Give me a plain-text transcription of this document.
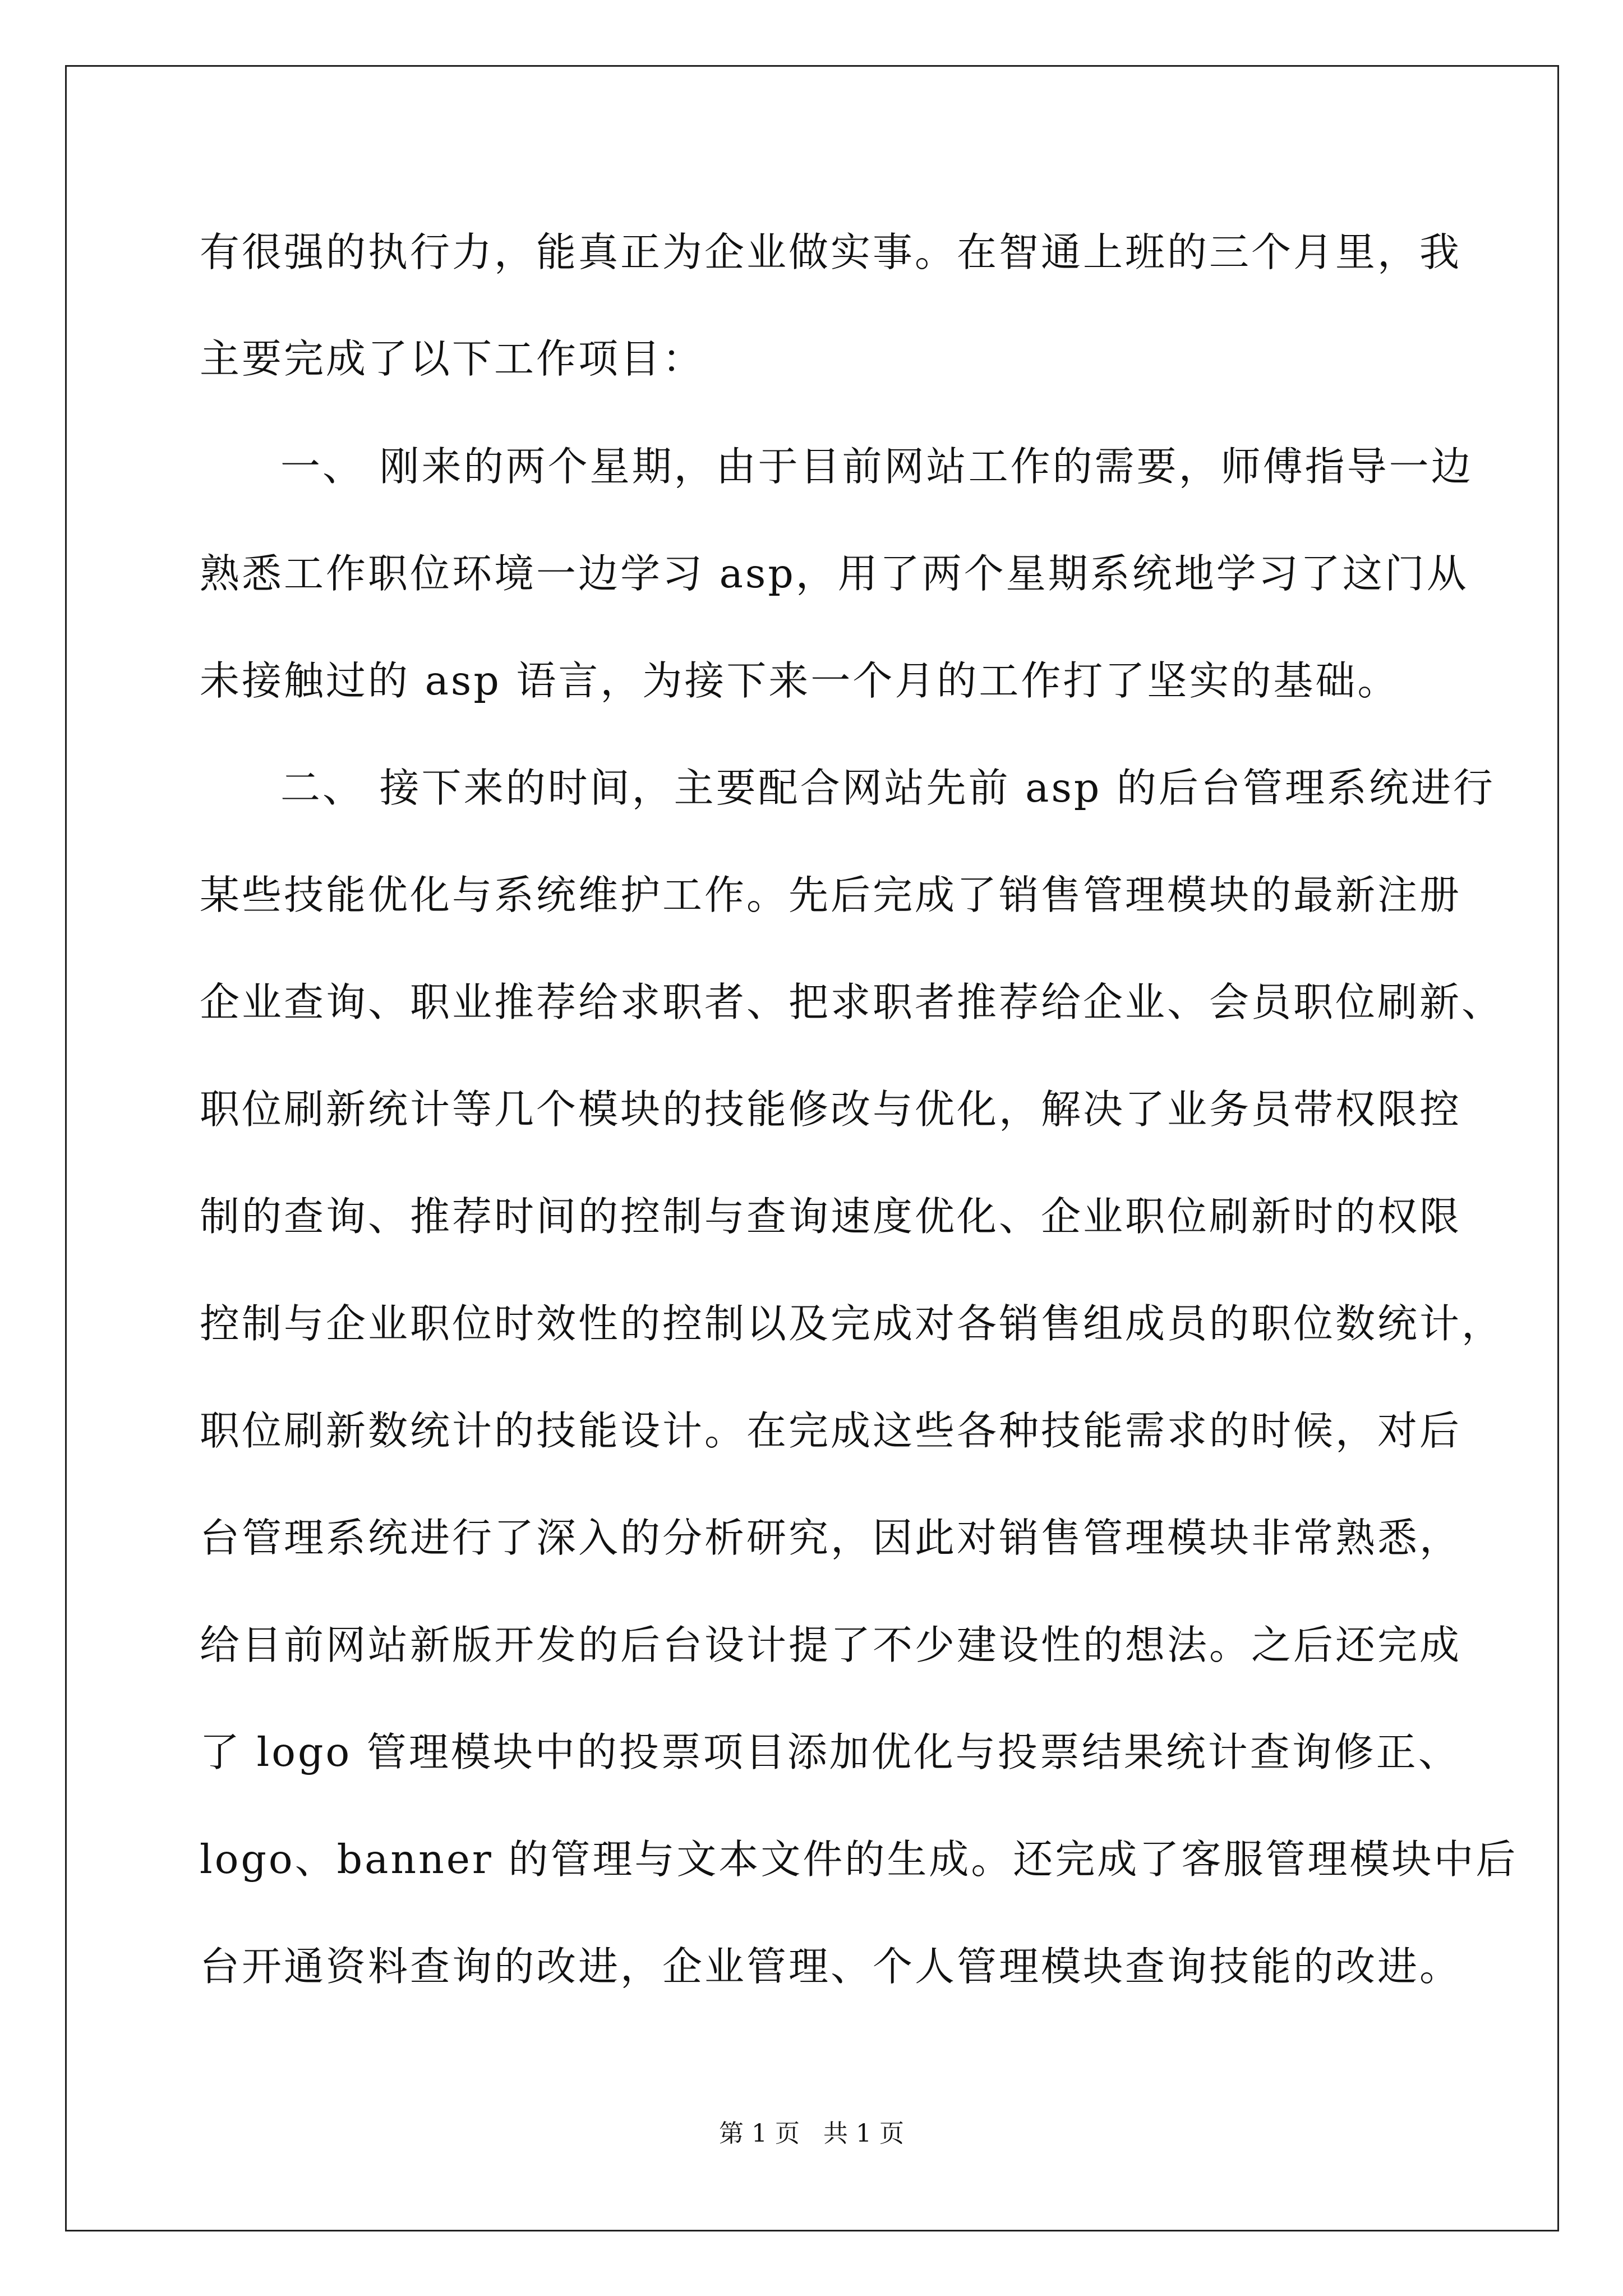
有很强的执行力，能真正为企业做实事。在智通上班的三个月里，我
主要完成了以下工作项目：
一、 刚来的两个星期，由于目前网站工作的需要，师傅指导一边
熟悉工作职位环境一边学习 asp，用了两个星期系统地学习了这门从
未接触过的 asp 语言，为接下来一个月的工作打了坚实的基础。
二、 接下来的时间，主要配合网站先前 asp 的后台管理系统进行
某些技能优化与系统维护工作。先后完成了销售管理模块的最新注册
企业查询、职业推荐给求职者、把求职者推荐给企业、会员职位刷新、
职位刷新统计等几个模块的技能修改与优化，解决了业务员带权限控
制的查询、推荐时间的控制与查询速度优化、企业职位刷新时的权限
控制与企业职位时效性的控制以及完成对各销售组成员的职位数统计，
职位刷新数统计的技能设计。在完成这些各种技能需求的时候，对后
台管理系统进行了深入的分析研究，因此对销售管理模块非常熟悉，
给目前网站新版开发的后台设计提了不少建设性的想法。之后还完成
了 logo 管理模块中的投票项目添加优化与投票结果统计查询修正、
logo、banner 的管理与文本文件的生成。还完成了客服管理模块中后
台开通资料查询的改进，企业管理、个人管理模块查询技能的改进。
第 1 页   共 1 页
